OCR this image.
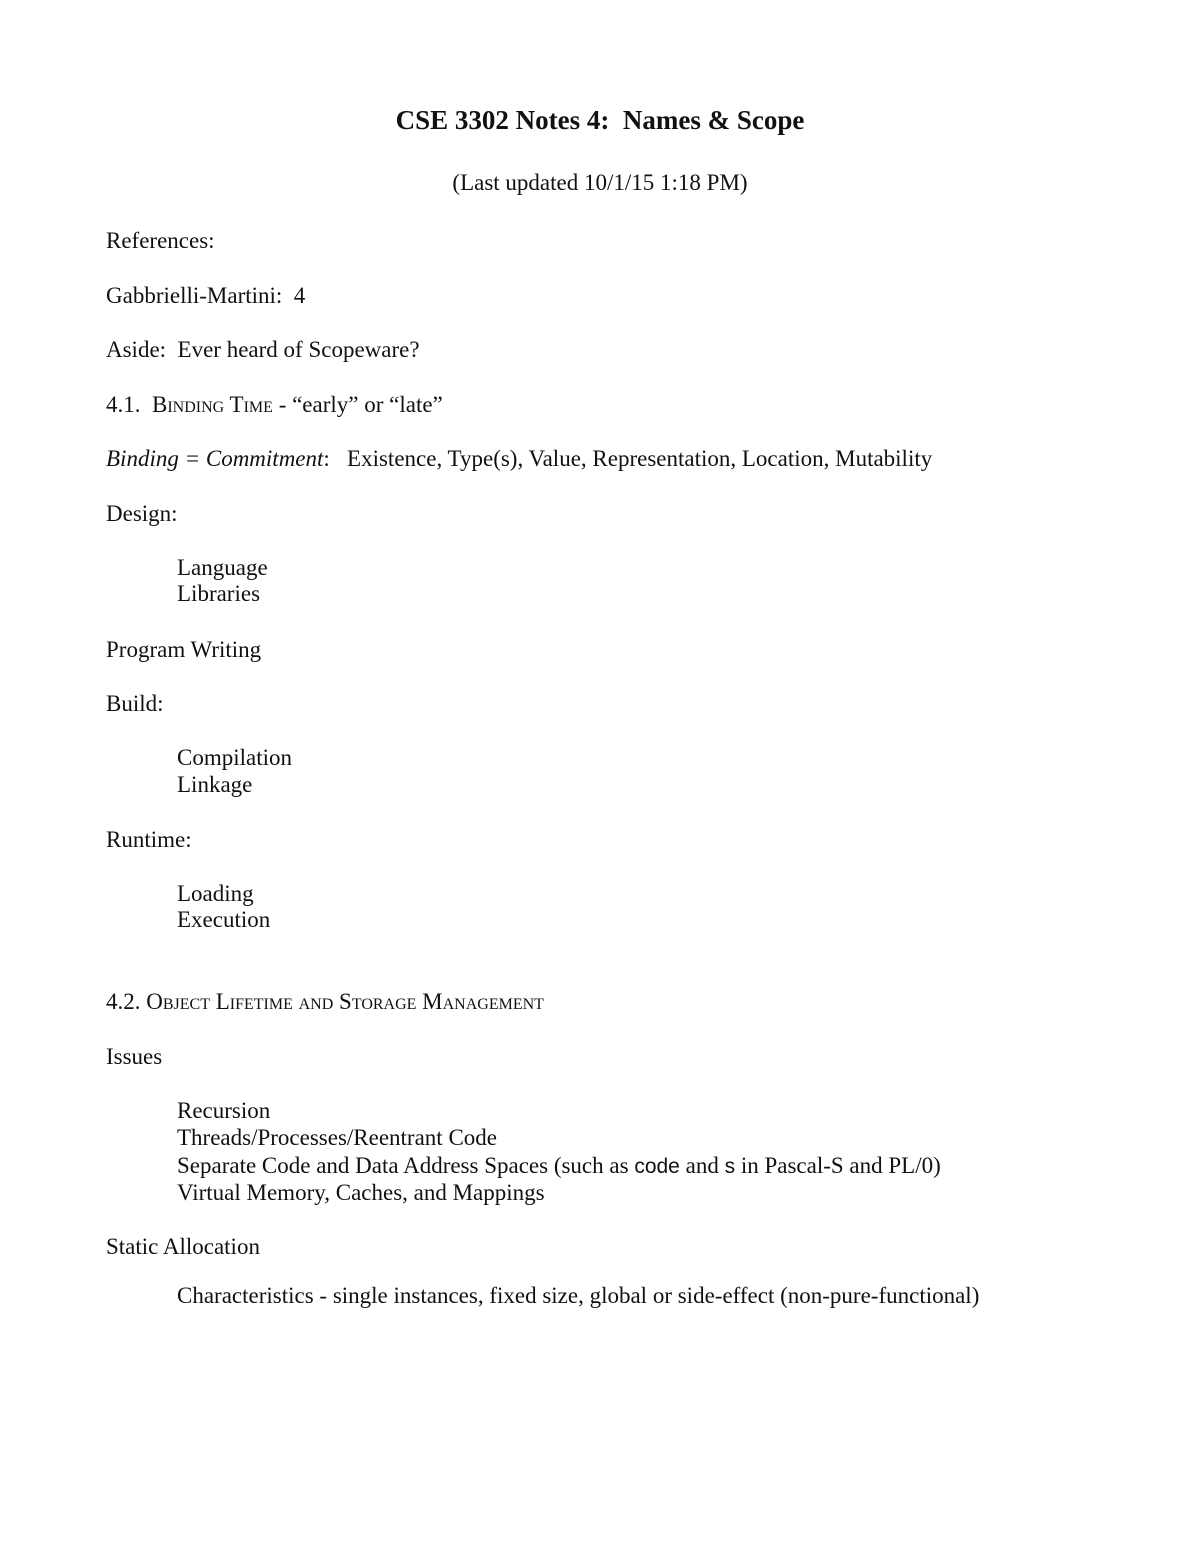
CSE 3302 Notes 4:  Names & Scope
(Last updated 10/1/15 1:18 PM)
References:
Gabbrielli-Martini:  4
Aside:  Ever heard of Scopeware?
4.1.  Binding Time - “early” or “late”
Binding = Commitment:   Existence, Type(s), Value, Representation, Location, Mutability
Design:
Language
Libraries
Program Writing
Build:
Compilation
Linkage
Runtime:
Loading
Execution
4.2. Object Lifetime and Storage Management
Issues
Recursion
Threads/Processes/Reentrant Code
Separate Code and Data Address Spaces (such as code and s in Pascal-S and PL/0)
Virtual Memory, Caches, and Mappings
Static Allocation
Characteristics - single instances, fixed size, global or side-effect (non-pure-functional)
